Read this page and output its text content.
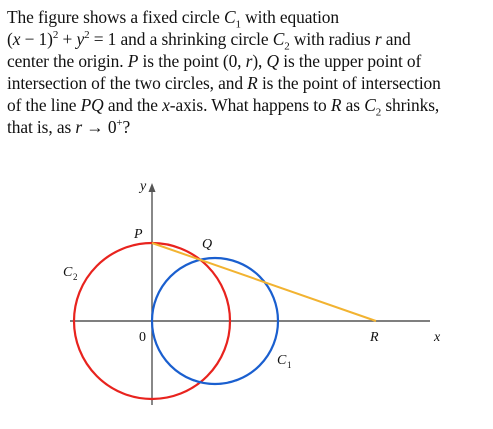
The figure shows a fixed circle $C_1$ with equation
$(x - 1)^2 + y^2 = 1$ and a shrinking circle $C_2$ with radius r and
center the origin. P is the point (0, r), Q is the upper point of
intersection of the two circles, and R is the point of intersection
of the line PQ and the x-axis. What happens to R as $C_2$ shrinks,
that is, as r → 0+?
y
x
0
P
Q
R
C 2
C 1
